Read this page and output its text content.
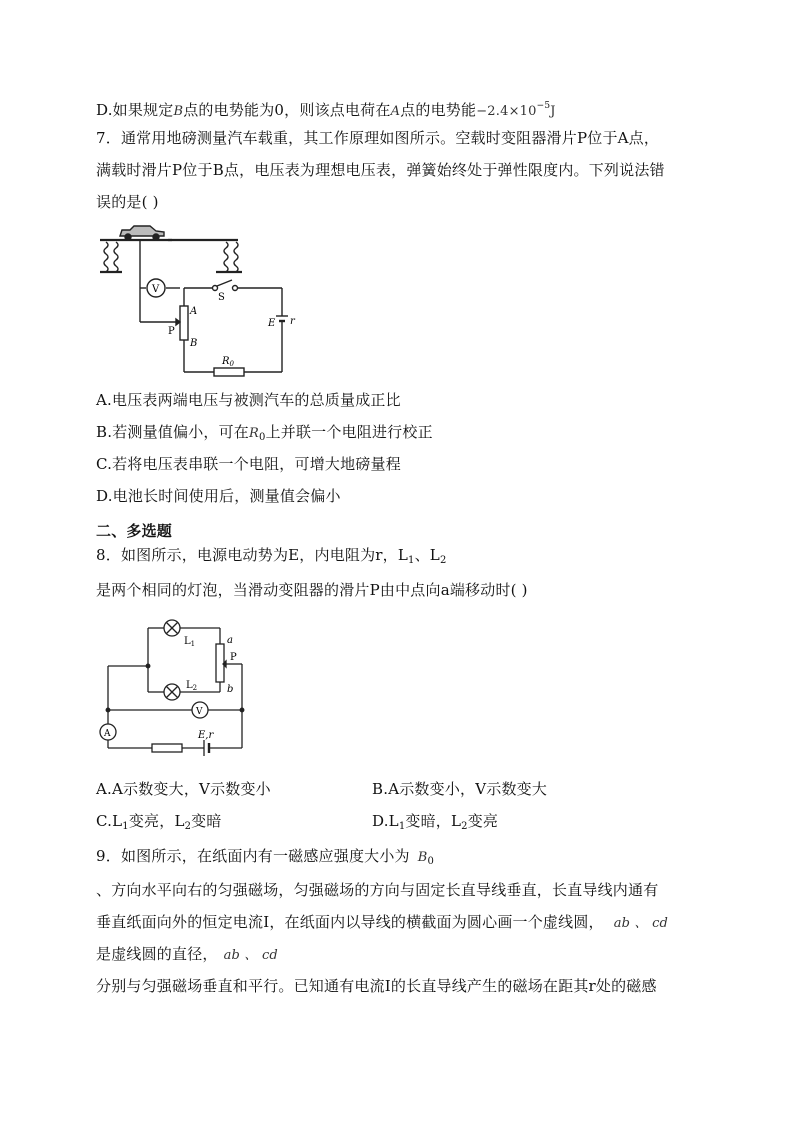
D.如果规定B点的电势能为0，则该点电荷在A点的电势能$-2.4\times 10^{-5}J$
7．通常用地磅测量汽车载重，其工作原理如图所示。空载时变阻器滑片P位于A点，
满载时滑片P位于B点，电压表为理想电压表，弹簧始终处于弹性限度内。下列说法错
误的是( )
V
S
A
P
B
E r
$R_0$
A.电压表两端电压与被测汽车的总质量成正比
B.若测量值偏小，可在$R_0$上并联一个电阻进行校正
C.若将电压表串联一个电阻，可增大地磅量程
D.电池长时间使用后，测量值会偏小
二、多选题
8．如图所示，电源电动势为E，内电阻为r，$L_1$、$L_2$
是两个相同的灯泡，当滑动变阻器的滑片P由中点向a端移动时( )
$L_1$
$L_2$
a
b
P
V
A	E,r
A.A示数变大，V示数变小	B.A示数变小，V示数变大
$C.L_1$变亮，$L_2$变暗	$D.L_1$变暗，$L_2$变亮
9．如图所示，在纸面内有一磁感应强度大小为 $B_0$
、方向水平向右的匀强磁场，匀强磁场的方向与固定长直导线垂直，长直导线内通有
垂直纸面向外的恒定电流I，在纸面内以导线的横截面为圆心画一个虚线圆， ab 、 cd
是虚线圆的直径， ab 、 cd
分别与匀强磁场垂直和平行。已知通有电流I的长直导线产生的磁场在距其r处的磁感
